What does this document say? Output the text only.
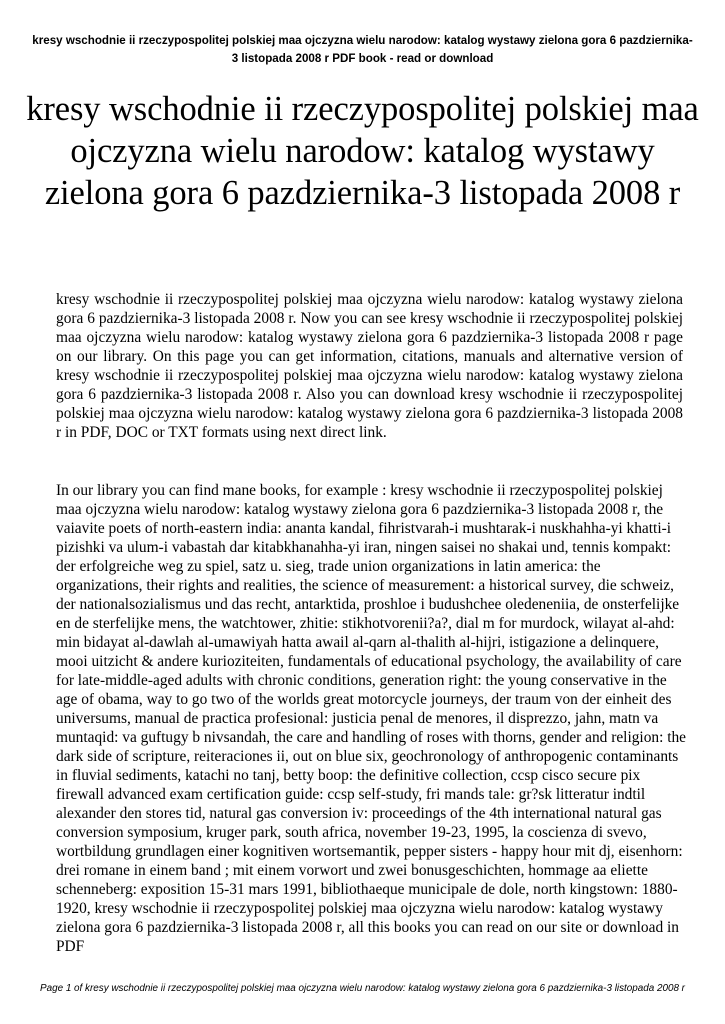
kresy wschodnie ii rzeczypospolitej polskiej maa ojczyzna wielu narodow: katalog wystawy zielona gora 6 pazdziernika-3 listopada 2008 r PDF book - read or download

kresy wschodnie ii rzeczypospolitej polskiej maa ojczyzna wielu narodow: katalog wystawy zielona gora 6 pazdziernika-3 listopada 2008 r

kresy wschodnie ii rzeczypospolitej polskiej maa ojczyzna wielu narodow: katalog wystawy zielona gora 6 pazdziernika-3 listopada 2008 r. Now you can see kresy wschodnie ii rzeczypospolitej polskiej maa ojczyzna wielu narodow: katalog wystawy zielona gora 6 pazdziernika-3 listopada 2008 r page on our library. On this page you can get information, citations, manuals and alternative version of kresy wschodnie ii rzeczypospolitej polskiej maa ojczyzna wielu narodow: katalog wystawy zielona gora 6 pazdziernika-3 listopada 2008 r. Also you can download kresy wschodnie ii rzeczypospolitej polskiej maa ojczyzna wielu narodow: katalog wystawy zielona gora 6 pazdziernika-3 listopada 2008 r in PDF, DOC or TXT formats using next direct link.

In our library you can find mane books, for example : kresy wschodnie ii rzeczypospolitej polskiej maa ojczyzna wielu narodow: katalog wystawy zielona gora 6 pazdziernika-3 listopada 2008 r, the vaiavite poets of north-eastern india: ananta kandal, fihristvarah-i mushtarak-i nuskhahha-yi khatti-i pizishki va ulum-i vabastah dar kitabkhanahha-yi iran, ningen saisei no shakai und, tennis kompakt: der erfolgreiche weg zu spiel, satz u. sieg, trade union organizations in latin america: the organizations, their rights and realities, the science of measurement: a historical survey, die schweiz, der nationalsozialismus und das recht, antarktida, proshloe i budushchee oledeneniia, de onsterfelijke en de sterfelijke mens, the watchtower, zhitie: stikhotvorenii?a?, dial m for murdock, wilayat al-ahd: min bidayat al-dawlah al-umawiyah hatta awail al-qarn al-thalith al-hijri, istigazione a delinquere, mooi uitzicht & andere kurioziteiten, fundamentals of educational psychology, the availability of care for late-middle-aged adults with chronic conditions, generation right: the young conservative in the age of obama, way to go two of the worlds great motorcycle journeys, der traum von der einheit des universums, manual de practica profesional: justicia penal de menores, il disprezzo, jahn, matn va muntaqid: va guftugy b nivsandah, the care and handling of roses with thorns, gender and religion: the dark side of scripture, reiteraciones ii, out on blue six, geochronology of anthropogenic contaminants in fluvial sediments, katachi no tanj, betty boop: the definitive collection, ccsp cisco secure pix firewall advanced exam certification guide: ccsp self-study, fri mands tale: gr?sk litteratur indtil alexander den stores tid, natural gas conversion iv: proceedings of the 4th international natural gas conversion symposium, kruger park, south africa, november 19-23, 1995, la coscienza di svevo, wortbildung grundlagen einer kognitiven wortsemantik, pepper sisters - happy hour mit dj, eisenhorn: drei romane in einem band ; mit einem vorwort und zwei bonusgeschichten, hommage aa eliette schenneberg: exposition 15-31 mars 1991, bibliothaeque municipale de dole, north kingstown: 1880-1920, kresy wschodnie ii rzeczypospolitej polskiej maa ojczyzna wielu narodow: katalog wystawy zielona gora 6 pazdziernika-3 listopada 2008 r, all this books you can read on our site or download in PDF

Page 1 of kresy wschodnie ii rzeczypospolitej polskiej maa ojczyzna wielu narodow: katalog wystawy zielona gora 6 pazdziernika-3 listopada 2008 r
